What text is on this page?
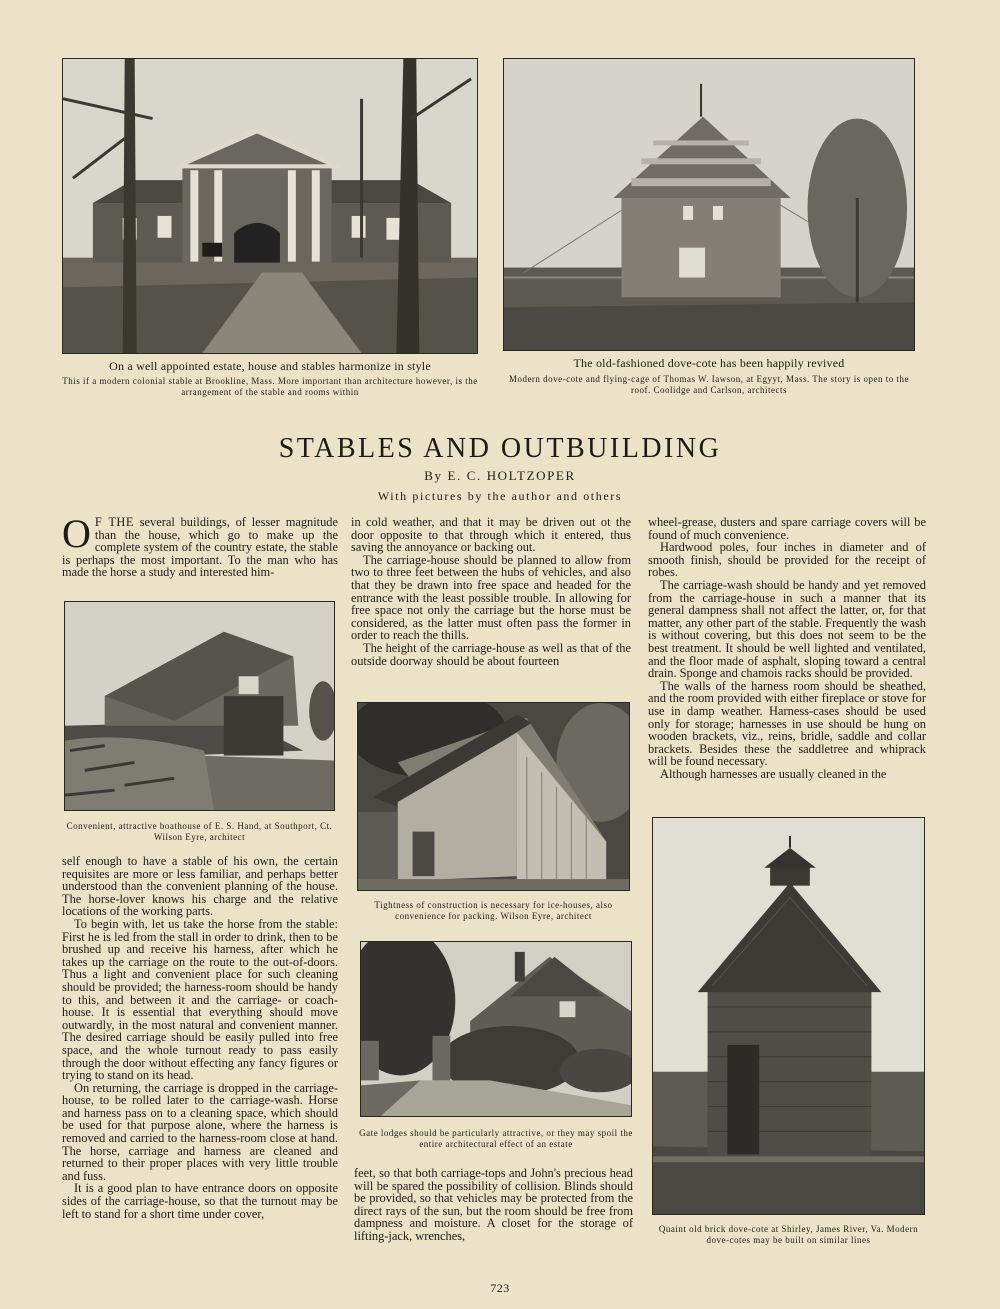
On a well appointed estate, house and stables harmonize in style
This if a modern colonial stable at Brookline, Mass. More important than architecture however, is the arrangement of the stable and rooms within
The old-fashioned dove-cote has been happily revived
Modern dove-cote and flying-cage of Thomas W. Iawson, at Egyyt, Mass. The story is open to the roof. Coolidge and Carlson, architects
STABLES AND OUTBUILDING
By E. C. HOLTZOPER
With pictures by the author and others

O F THE several buildings, of lesser magnitude than the house, which go to make up the complete system of the country estate, the stable is perhaps the most important. To the man who has made the horse a study and interested him-

Convenient, attractive boathouse of E. S. Hand, at Southport, Ct. Wilson Eyre, architect

self enough to have a stable of his own, the certain requisites are more or less familiar, and perhaps better understood than the convenient planning of the house. The horse-lover knows his charge and the relative locations of the working parts.

To begin with, let us take the horse from the stable: First he is led from the stall in order to drink, then to be brushed up and receive his harness, after which he takes up the carriage on the route to the out-of-doors. Thus a light and convenient place for such cleaning should be provided; the harness-room should be handy to this, and between it and the carriage- or coach-house. It is essential that everything should move outwardly, in the most natural and convenient manner. The desired carriage should be easily pulled into free space, and the whole turnout ready to pass easily through the door without effecting any fancy figures or trying to stand on its head.

On returning, the carriage is dropped in the carriage-house, to be rolled later to the carriage-wash. Horse and harness pass on to a cleaning space, which should be used for that purpose alone, where the harness is removed and carried to the harness-room close at hand. The horse, carriage and harness are cleaned and returned to their proper places with very little trouble and fuss.

It is a good plan to have entrance doors on opposite sides of the carriage-house, so that the turnout may be left to stand for a short time under cover,

in cold weather, and that it may be driven out ot the door opposite to that through which it entered, thus saving the annoyance or backing out.

The carriage-house should be planned to allow from two to three feet between the hubs of vehicles, and also that they be drawn into free space and headed for the entrance with the least possible trouble. In allowing for free space not only the carriage but the horse must be considered, as the latter must often pass the former in order to reach the thills.

The height of the carriage-house as well as that of the outside doorway should be about fourteen

Tightness of construction is necessary for ice-houses, also convenience for packing. Wilson Eyre, architect
Gate lodges should be particularly attractive, or they may spoil the entire architectural effect of an estate

feet, so that both carriage-tops and John's precious head will be spared the possibility of collision. Blinds should be provided, so that vehicles may be protected from the direct rays of the sun, but the room should be free from dampness and moisture. A closet for the storage of lifting-jack, wrenches,

wheel-grease, dusters and spare carriage covers will be found of much convenience.

Hardwood poles, four inches in diameter and of smooth finish, should be provided for the receipt of robes.

The carriage-wash should be handy and yet removed from the carriage-house in such a manner that its general dampness shall not affect the latter, or, for that matter, any other part of the stable. Frequently the wash is without covering, but this does not seem to be the best treatment. It should be well lighted and ventilated, and the floor made of asphalt, sloping toward a central drain. Sponge and chamois racks should be provided.

The walls of the harness room should be sheathed, and the room provided with either fireplace or stove for use in damp weather. Harness-cases should be used only for storage; harnesses in use should be hung on wooden brackets, viz., reins, bridle, saddle and collar brackets. Besides these the saddletree and whiprack will be found necessary.

Although harnesses are usually cleaned in the

Quaint old brick dove-cote at Shirley, James River, Va. Modern dove-cotes may be built on similar lines
723
